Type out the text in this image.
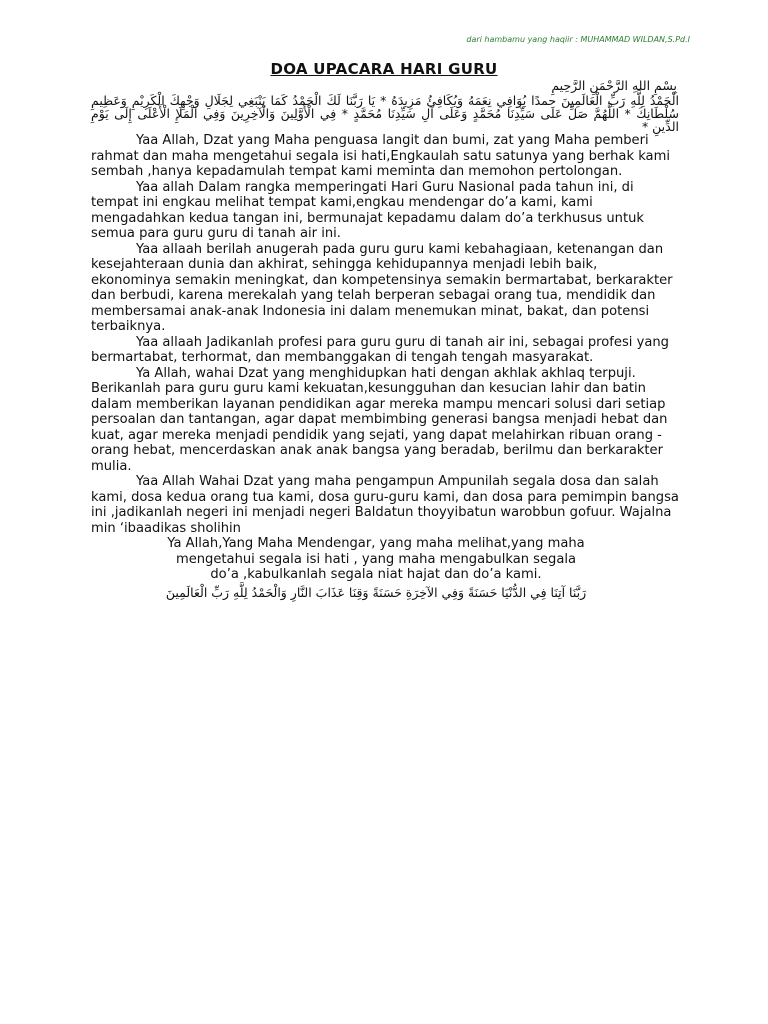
dari hambamu yang haqiir : MUHAMMAD WILDAN,S.Pd.I
DOA UPACARA HARI GURU

بِسْمِ اللهِ الرَّحْمَنِ الرَّحِيمِ

الْحَمْدُ لِلَّهِ رَبِّ الْعَالَمِينَ حمدًا يُوَافِي نِعَمَهُ وَيُكَافِئُ مَزِيدَهُ * يَا رَبَّنَا لَكَ الْحَمْدُ كَمَا يَنْبَغِي لِجَلَالِ وَجْهِكَ الْكَرِيْمِ وَعَظِيمِ سُلْطَانِكَ * اللَّهُمَّ صَلِّ عَلَى سَيِّدِنَا مُحَمَّدٍ وَعَلَى آلِ سَيِّدِنَا مُحَمَّدٍ * فِي الْأَوَّلِينَ وَالْآخِرِينَ وَفِي الْمَلَإِ الْأَعْلَى إِلَى يَوْمِ الدِّينِ *

Yaa Allah, Dzat yang Maha penguasa langit dan bumi, zat yang Maha pemberi rahmat dan maha mengetahui segala isi hati,Engkaulah satu satunya yang berhak kami sembah ,hanya kepadamulah tempat kami meminta dan memohon pertolongan.

Yaa allah Dalam rangka memperingati Hari Guru Nasional pada tahun ini, di tempat ini engkau melihat tempat kami,engkau mendengar do’a kami, kami mengadahkan kedua tangan ini, bermunajat kepadamu dalam do’a terkhusus untuk semua para guru guru di tanah air ini.

Yaa allaah berilah anugerah pada guru guru kami kebahagiaan, ketenangan dan kesejahteraan dunia dan akhirat, sehingga kehidupannya menjadi lebih baik, ekonominya semakin meningkat, dan kompetensinya semakin bermartabat, berkarakter dan berbudi, karena merekalah yang telah berperan sebagai orang tua, mendidik dan membersamai anak-anak Indonesia ini dalam menemukan minat, bakat, dan potensi terbaiknya.

Yaa allaah Jadikanlah profesi para guru guru di tanah air ini, sebagai profesi yang bermartabat, terhormat, dan membanggakan di tengah tengah masyarakat.

Ya Allah, wahai Dzat yang menghidupkan hati dengan akhlak akhlaq terpuji.

Berikanlah para guru guru kami kekuatan,kesungguhan dan kesucian lahir dan batin dalam memberikan layanan pendidikan agar mereka mampu mencari solusi dari setiap persoalan dan tantangan, agar dapat membimbing generasi bangsa menjadi hebat dan kuat, agar mereka menjadi pendidik yang sejati, yang dapat melahirkan ribuan orang - orang hebat, mencerdaskan anak anak bangsa yang beradab, berilmu dan berkarakter mulia.

Yaa Allah Wahai Dzat yang maha pengampun Ampunilah segala dosa dan salah kami, dosa kedua orang tua kami, dosa guru-guru kami, dan dosa para pemimpin bangsa ini ,jadikanlah negeri ini menjadi negeri Baldatun thoyyibatun warobbun gofuur. Wajalna min ‘ibaadikas sholihin

Ya Allah,Yang Maha Mendengar, yang maha melihat,yang maha

mengetahui segala isi hati , yang maha mengabulkan segala

do’a ,kabulkanlah segala niat hajat dan do’a kami.

رَبَّنَا آتِنَا فِي الدُّنْيَا حَسَنَةً وَفِي الآخِرَةِ حَسَنَةً وَقِنَا عَذَابَ النَّارِ وَالْحَمْدُ لِلَّهِ رَبِّ الْعَالَمِينَ
